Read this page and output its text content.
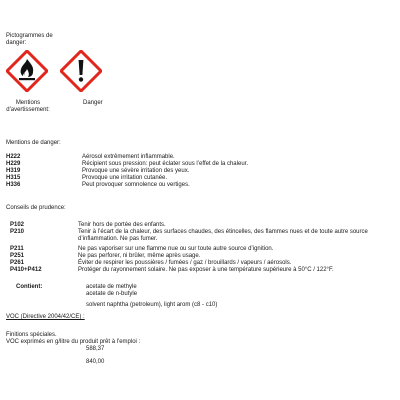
Pictogrammes de danger:
Mentions d'avertissement:
Danger
Mentions de danger:
H222	Aérosol extrêmement inflammable.
H229	Récipient sous pression: peut éclater sous l’effet de la chaleur.
H319	Provoque une sévère irritation des yeux.
H315	Provoque une irritation cutanée.
H336	Peut provoquer somnolence ou vertiges.
Conseils de prudence:
P102	Tenir hors de portée des enfants.
P210	Tenir à l’écart de la chaleur, des surfaces chaudes, des étincelles, des flammes nues et de toute autre source d’inflammation. Ne pas fumer.
P211	Ne pas vaporiser sur une flamme nue ou sur toute autre source d’ignition.
P251	Ne pas perforer, ni brûler, même après usage.
P261	Éviter de respirer les poussières / fumées / gaz / brouillards / vapeurs / aérosols.
P410+P412	Protéger du rayonnement solaire. Ne pas exposer à une température supérieure à 50°C / 122°F.
Contient:	acetate de methyle
acetate de n-butyle
solvent naphtha (petroleum), light arom (c8 - c10)
VOC (Directive 2004/42/CE) :
Finitions spéciales.
VOC exprimés en g/litre du produit prêt à l'emploi :
588,37
840,00
